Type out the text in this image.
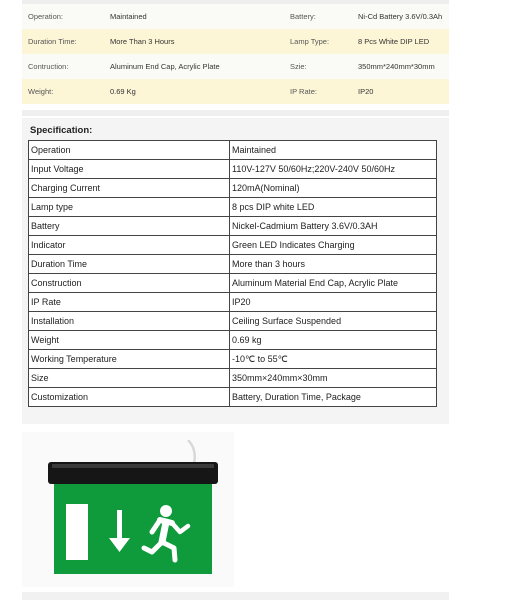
Operation:	Maintained	Battery:	Ni-Cd Battery 3.6V/0.3Ah
Duration Time:	More Than 3 Hours	Lamp Type:	8 Pcs White DIP LED
Contruction:	Aluminum End Cap, Acrylic Plate	Szie:	350mm*240mm*30mm
Weight:	0.69 Kg	IP Rate:	IP20
Specification:
Operation	Maintained
Input Voltage	110V-127V 50/60Hz;220V-240V 50/60Hz
Charging Current	120mA(Nominal)
Lamp type	8 pcs DIP white LED
Battery	Nickel-Cadmium Battery 3.6V/0.3AH
Indicator	Green LED Indicates Charging
Duration Time	More than 3 hours
Construction	Aluminum Material End Cap, Acrylic Plate
IP Rate	IP20
Installation	Ceiling Surface Suspended
Weight	0.69 kg
Working Temperature	-10℃ to 55℃
Size	350mm×240mm×30mm
Customization	Battery, Duration Time, Package
